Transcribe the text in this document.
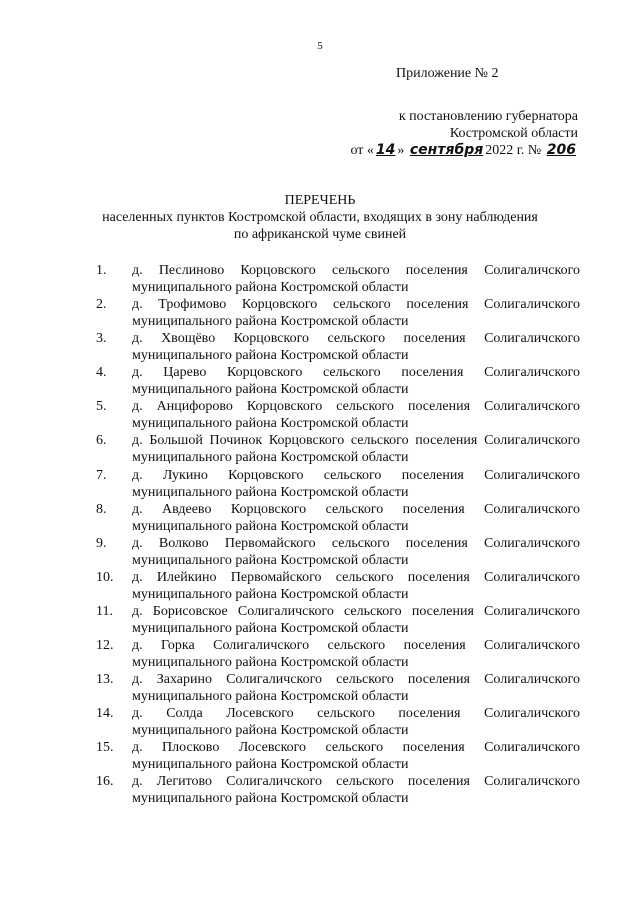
5
Приложение № 2
к постановлению губернатора
Костромской области
от « 14 » сентября 2022 г. № 206
ПЕРЕЧЕНЬ
населенных пунктов Костромской области, входящих в зону наблюдения
по африканской чуме свиней
1.	д. Песлиново Корцовского сельского поселения Солигаличского муниципального района Костромской области
2.	д. Трофимово Корцовского сельского поселения Солигаличского муниципального района Костромской области
3.	д. Хвощёво Корцовского сельского поселения Солигаличского муниципального района Костромской области
4.	д. Царево Корцовского сельского поселения Солигаличского муниципального района Костромской области
5.	д. Анцифорово Корцовского сельского поселения Солигаличского муниципального района Костромской области
6.	д. Большой Починок Корцовского сельского поселения Солигаличского муниципального района Костромской области
7.	д. Лукино Корцовского сельского поселения Солигаличского муниципального района Костромской области
8.	д. Авдеево Корцовского сельского поселения Солигаличского муниципального района Костромской области
9.	д. Волково Первомайского сельского поселения Солигаличского муниципального района Костромской области
10.	д. Илейкино Первомайского сельского поселения Солигаличского муниципального района Костромской области
11.	д. Борисовское Солигаличского сельского поселения Солигаличского муниципального района Костромской области
12.	д. Горка Солигаличского сельского поселения Солигаличского муниципального района Костромской области
13.	д. Захарино Солигаличского сельского поселения Солигаличского муниципального района Костромской области
14.	д. Солда Лосевского сельского поселения Солигаличского муниципального района Костромской области
15.	д. Плосково Лосевского сельского поселения Солигаличского муниципального района Костромской области
16.	д. Легитово Солигаличского сельского поселения Солигаличского муниципального района Костромской области
